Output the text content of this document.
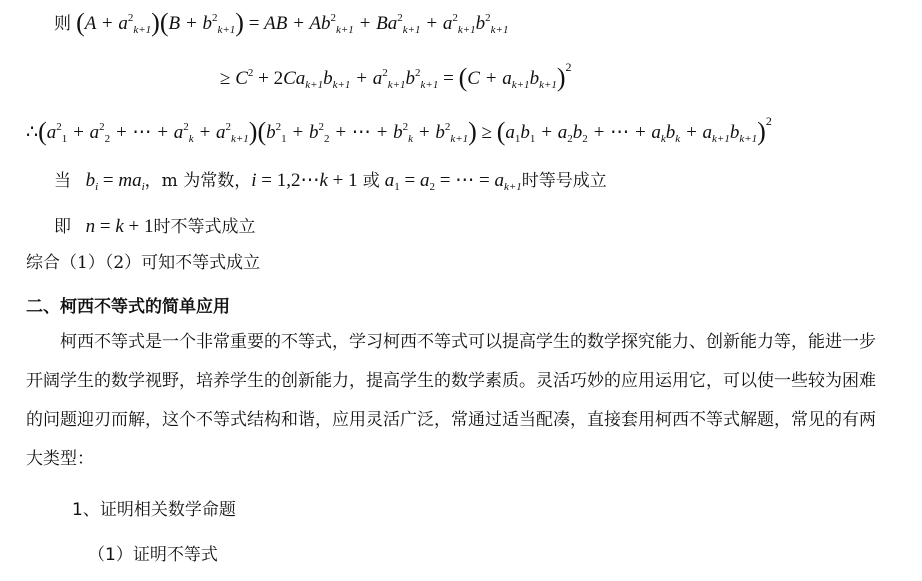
则 $(A + a^2_{k+1})(B + b^2_{k+1})$ = AB + $Ab^2_{k+1} + Ba^2_{k+1} + a^2_{k+1}b^2_{k+1}$
≥ $C^2 + 2Ca_{k+1}b_{k+1} + a^2_{k+1}b^2_{k+1} = (C + a_{k+1}b_{k+1})^2$
$\therefore(a^2_1 + a^2_2$ + ⋯ + $a^2_k + a^2_{k+1})(b^2_1 + b^2_2$ + ⋯ + $b^2_k + b^2_{k+1}) \ge (a_1b_1 + a_2b_2$ + ⋯ + $a_kb_k + a_{k+1}b_{k+1})^2$
当   $b_i = ma_i$，m 为常数，i = 1,2⋯k + 1 或 $a_1 = a_2$ = ⋯ = $a_{k+1}$时等号成立
即   n = k + 1时不等式成立
综合（1）（2）可知不等式成立
二、柯西不等式的简单应用
柯西不等式是一个非常重要的不等式，学习柯西不等式可以提高学生的数学探究能力、创新能力等，能进一步
开阔学生的数学视野，培养学生的创新能力，提高学生的数学素质。灵活巧妙的应用运用它，可以使一些较为困难
的问题迎刃而解，这个不等式结构和谐，应用灵活广泛，常通过适当配凑，直接套用柯西不等式解题，常见的有两
大类型：
1、证明相关数学命题
（1）证明不等式
